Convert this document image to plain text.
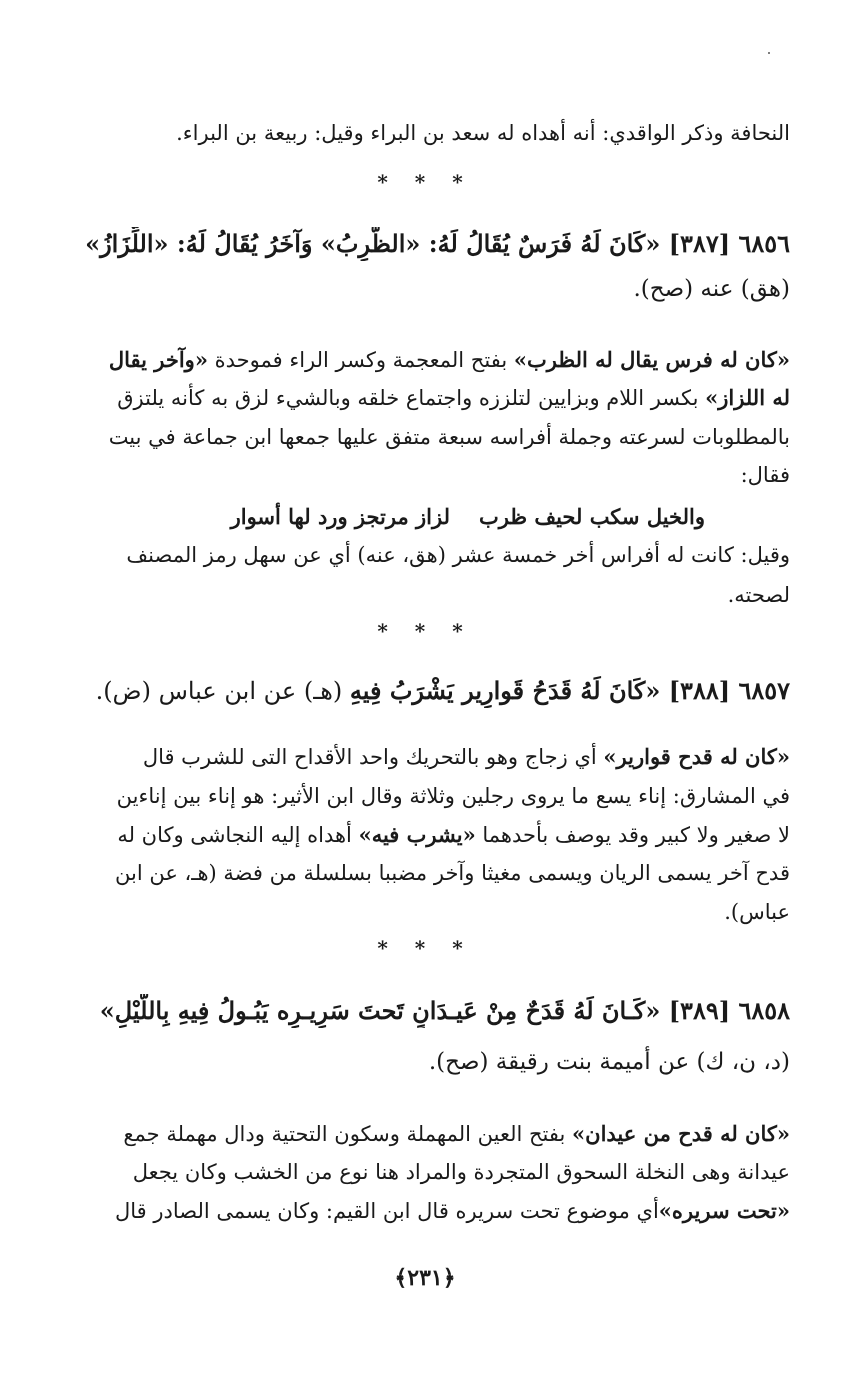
النحافة وذكر الواقدي: أنه أهداه له سعد بن البراء وقيل: ربيعة بن البراء.
* * *
٦٨٥٦ [٣٨٧] «كَانَ لَهُ فَرَسٌ يُقَالُ لَهُ: «الظَّرِبُ» وَآخَرُ يُقَالُ لَهُ: «اللِّزَازُ»
(هق) عنه (صح).
«كان له فرس يقال له الظرب» بفتح المعجمة وكسر الراء فموحدة «وآخر يقال
له اللزاز» بكسر اللام وبزايين لتلززه واجتماع خلقه وبالشيء لزق به كأنه يلتزق
بالمطلوبات لسرعته وجملة أفراسه سبعة متفق عليها جمعها ابن جماعة في بيت
فقال:
والخيل سكب لحيف ظرب
لزاز مرتجز ورد لها أسوار
وقيل: كانت له أفراس أخر خمسة عشر (هق، عنه) أي عن سهل رمز المصنف
لصحته.
* * *
٦٨٥٧ [٣٨٨] «كَانَ لَهُ قَدَحُ قَوارِير يَشْرَبُ فِيهِ (هـ) عن ابن عباس (ض).
«كان له قدح قوارير» أي زجاج وهو بالتحريك واحد الأقداح التى للشرب قال
في المشارق: إناء يسع ما يروى رجلين وثلاثة وقال ابن الأثير: هو إناء بين إناءين
لا صغير ولا كبير وقد يوصف بأحدهما «يشرب فيه» أهداه إليه النجاشى وكان له
قدح آخر يسمى الريان ويسمى مغيثا وآخر مضببا بسلسلة من فضة (هـ، عن ابن
عباس).
* * *
٦٨٥٨ [٣٨٩] «كَـانَ لَهُ قَدَحٌ مِنْ عَيـدَانٍ تَحتَ سَرِيـرِه يَبُـولُ فِيهِ بِاللَّيْلِ»
(د، ن، ك) عن أميمة بنت رقيقة (صح).
«كان له قدح من عيدان» بفتح العين المهملة وسكون التحتية ودال مهملة جمع
عيدانة وهى النخلة السحوق المتجردة والمراد هنا نوع من الخشب وكان يجعل
«تحت سريره»أي موضوع تحت سريره قال ابن القيم: وكان يسمى الصادر قال
﴿٢٣١﴾
